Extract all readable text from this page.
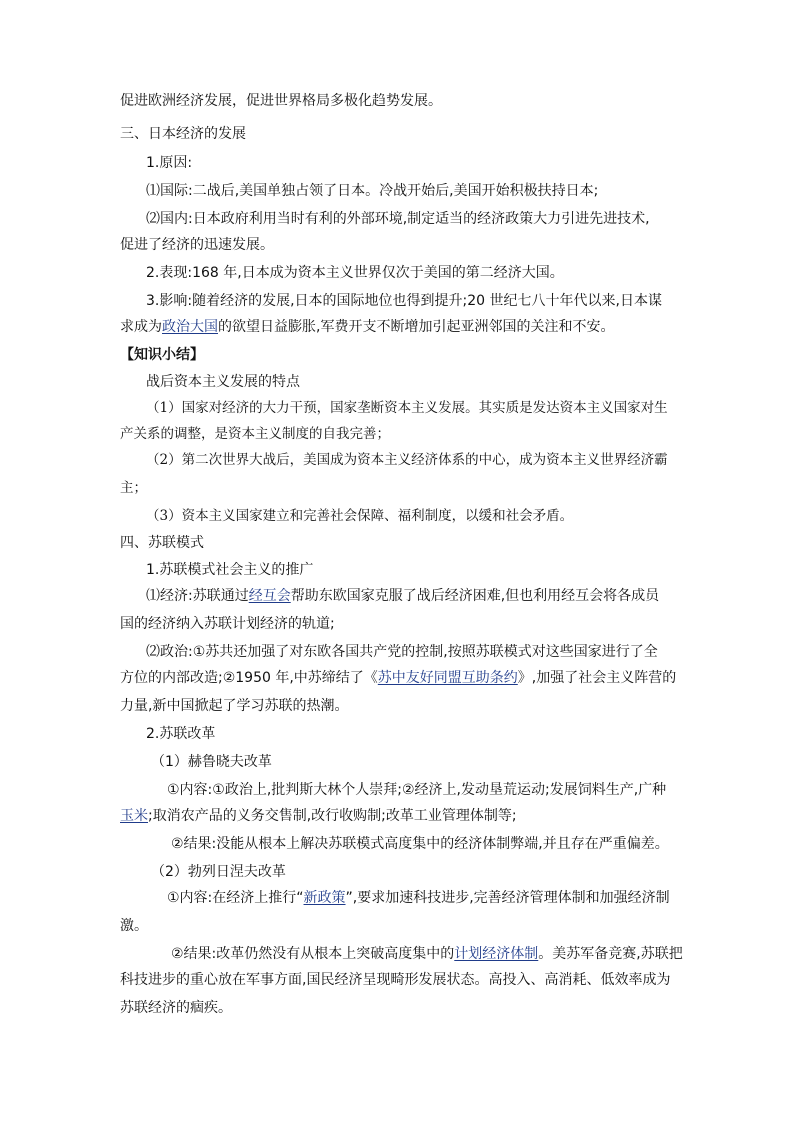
促进欧洲经济发展，促进世界格局多极化趋势发展。
三、日本经济的发展
1.原因:
⑴国际:二战后,美国单独占领了日本。冷战开始后,美国开始积极扶持日本;
⑵国内:日本政府利用当时有利的外部环境,制定适当的经济政策大力引进先进技术,
促进了经济的迅速发展。
2.表现:168 年,日本成为资本主义世界仅次于美国的第二经济大国。
3.影响:随着经济的发展,日本的国际地位也得到提升;20 世纪七八十年代以来,日本谋
求成为政治大国的欲望日益膨胀,军费开支不断增加引起亚洲邻国的关注和不安。
【知识小结】
战后资本主义发展的特点
（1）国家对经济的大力干预，国家垄断资本主义发展。其实质是发达资本主义国家对生
产关系的调整，是资本主义制度的自我完善；
（2）第二次世界大战后，美国成为资本主义经济体系的中心，成为资本主义世界经济霸
主；
（3）资本主义国家建立和完善社会保障、福利制度，以缓和社会矛盾。
四、苏联模式
1.苏联模式社会主义的推广
⑴经济:苏联通过经互会帮助东欧国家克服了战后经济困难,但也利用经互会将各成员
国的经济纳入苏联计划经济的轨道;
⑵政治:①苏共还加强了对东欧各国共产党的控制,按照苏联模式对这些国家进行了全
方位的内部改造;②1950 年,中苏缔结了《苏中友好同盟互助条约》,加强了社会主义阵营的
力量,新中国掀起了学习苏联的热潮。
2.苏联改革
（1）赫鲁晓夫改革
①内容:①政治上,批判斯大林个人崇拜;②经济上,发动垦荒运动;发展饲料生产,广种
玉米;取消农产品的义务交售制,改行收购制;改革工业管理体制等;
②结果:没能从根本上解决苏联模式高度集中的经济体制弊端,并且存在严重偏差。
（2）勃列日涅夫改革
①内容:在经济上推行“新政策”,要求加速科技进步,完善经济管理体制和加强经济制
激。
②结果:改革仍然没有从根本上突破高度集中的计划经济体制。美苏军备竞赛,苏联把
科技进步的重心放在军事方面,国民经济呈现畸形发展状态。高投入、高消耗、低效率成为
苏联经济的痼疾。
